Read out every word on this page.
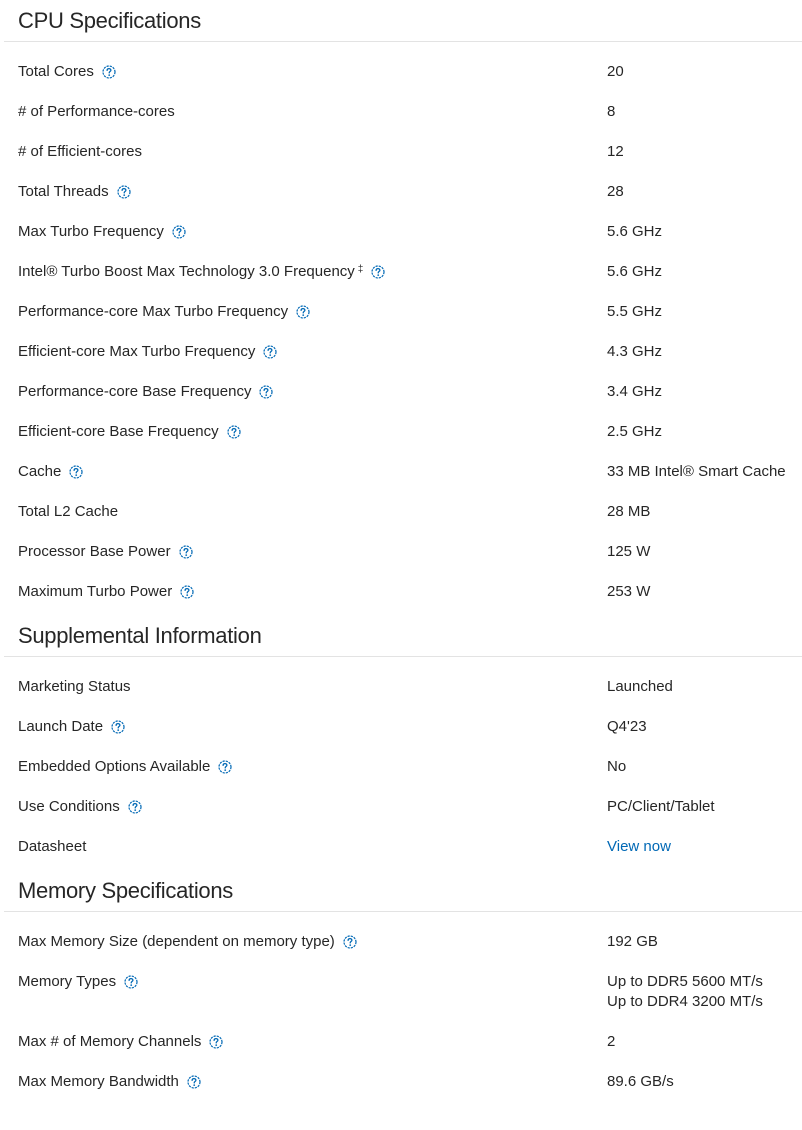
CPU Specifications
Total Cores	20
# of Performance-cores	8
# of Efficient-cores	12
Total Threads	28
Max Turbo Frequency	5.6 GHz
Intel® Turbo Boost Max Technology 3.0 Frequency ‡	5.6 GHz
Performance-core Max Turbo Frequency	5.5 GHz
Efficient-core Max Turbo Frequency	4.3 GHz
Performance-core Base Frequency	3.4 GHz
Efficient-core Base Frequency	2.5 GHz
Cache	33 MB Intel® Smart Cache
Total L2 Cache	28 MB
Processor Base Power	125 W
Maximum Turbo Power	253 W
Supplemental Information
Marketing Status	Launched
Launch Date	Q4'23
Embedded Options Available	No
Use Conditions	PC/Client/Tablet
Datasheet	View now
Memory Specifications
Max Memory Size (dependent on memory type)	192 GB
Memory Types	Up to DDR5 5600 MT/s
Up to DDR4 3200 MT/s
Max # of Memory Channels	2
Max Memory Bandwidth	89.6 GB/s
